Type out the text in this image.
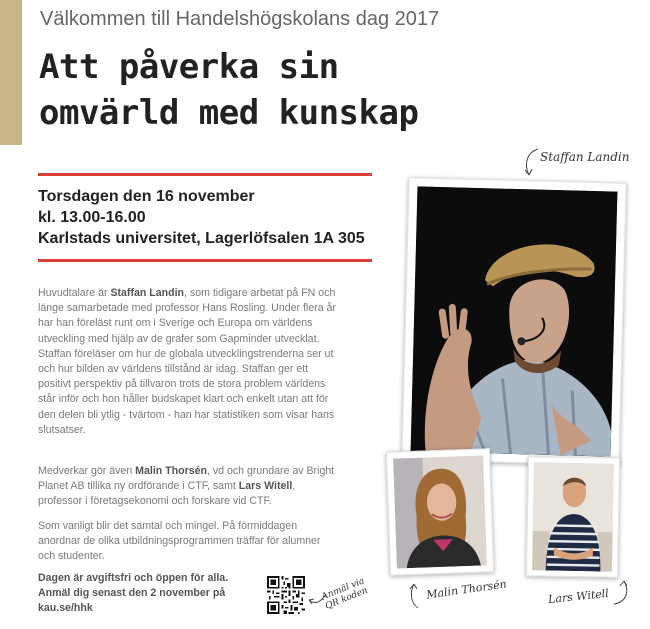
Välkommen till Handelshögskolans dag 2017
Att påverka sin
omvärld med kunskap
Torsdagen den 16 november
kl. 13.00-16.00
Karlstads universitet, Lagerlöfsalen 1A 305

Huvudtalare är Staffan Landin, som tidigare arbetat på FN och länge samarbetade med professor Hans Rosling. Under flera år har han föreläst runt om i Sverige och Europa om världens utveckling med hjälp av de grafer som Gapminder utvecklat. Staffan föreläser om hur de globala utvecklingstrenderna ser ut och hur bilden av världens tillstånd är idag. Staffan ger ett positivt perspektiv på tillvaron trots de stora problem världens står inför och hon håller budskapet klart och enkelt utan att för den delen bli ytlig - tvärtom - han har statistiken som visar hans slutsatser.

Medverkar gör även Malin Thorsén, vd och grundare av Bright Planet AB tillika ny ordförande i CTF, samt Lars Witell, professor i företagsekonomi och forskare vid CTF.

Som vanligt blir det samtal och mingel. På förmiddagen anordnar de olika utbildningsprogrammen träffar för alumner och studenter.

Dagen är avgiftsfri och öppen för alla.
Anmäl dig senast den 2 november på kau.se/hhk

Anmäl via QR koden
Staffan Landin
Malin Thorsén	Lars Witell
